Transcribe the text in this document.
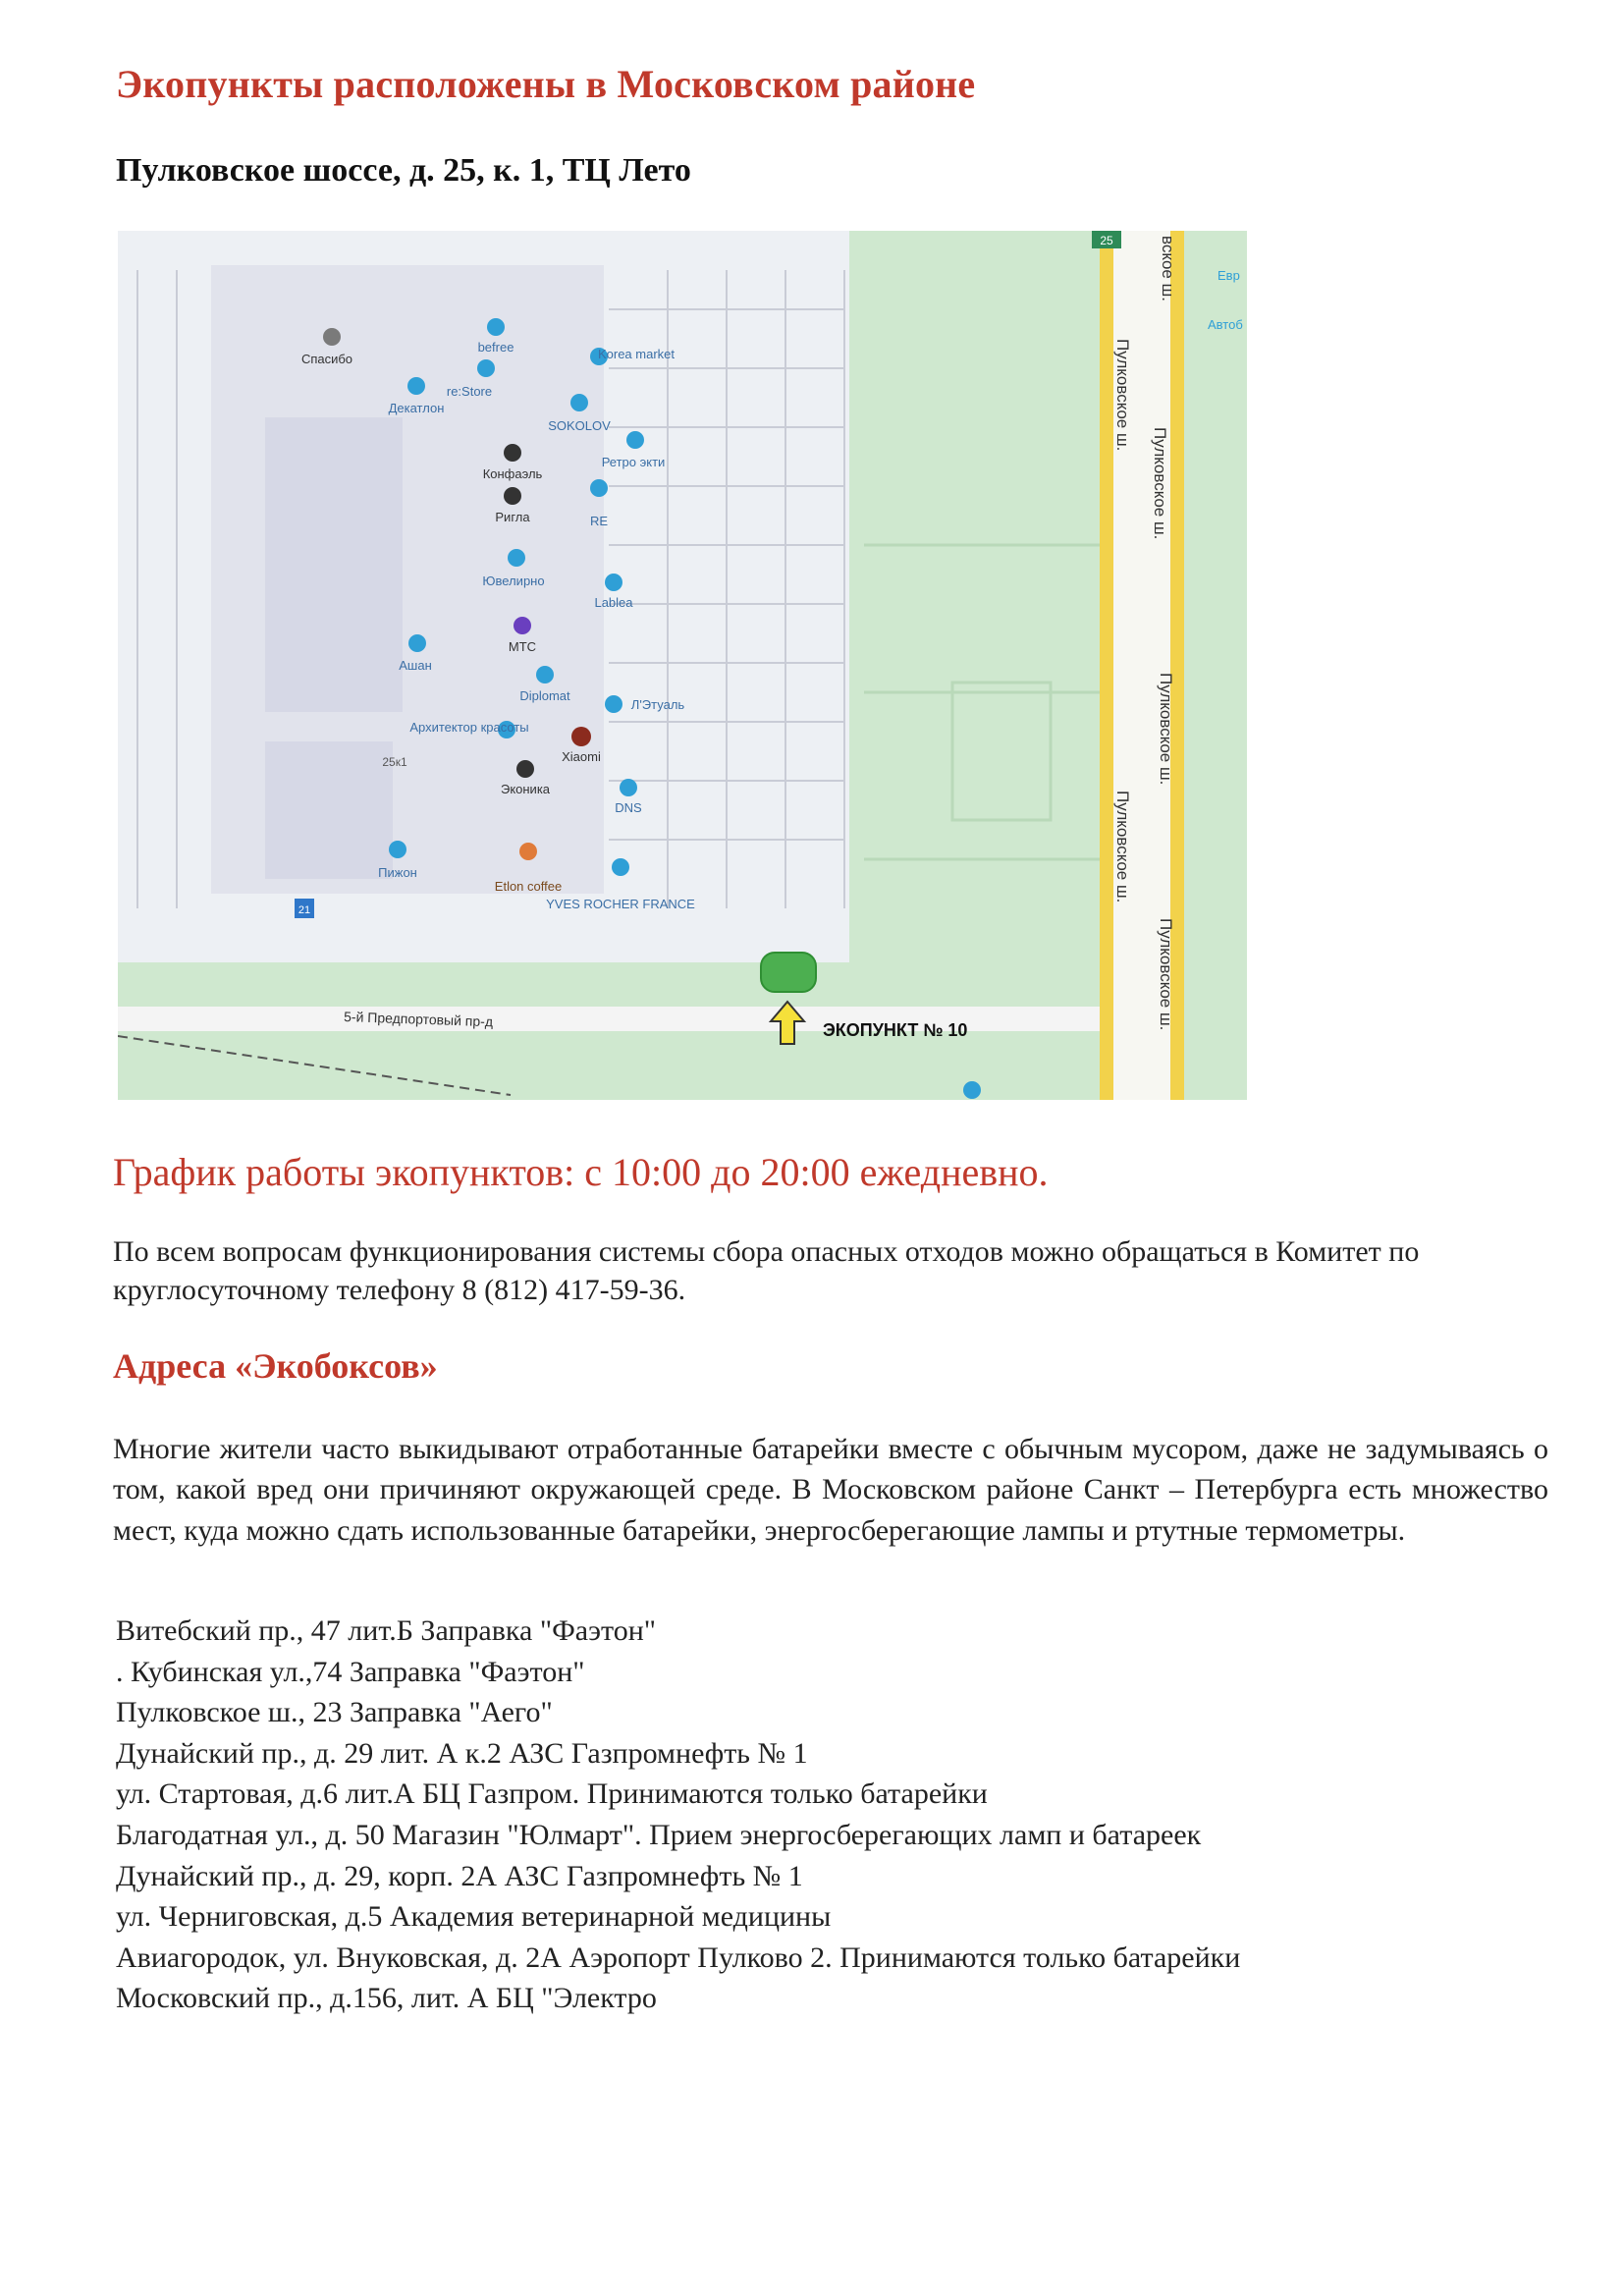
Экопункты расположены в Московском районе
Пулковское шоссе, д. 25, к. 1, ТЦ Лето
Пулковское ш.
Пулковское ш.
Пулковское ш.
Пулковское ш.
Пулковское ш.
вское ш.
25
Евр
Автоб
5-й Предпортовый пр-д
21
Спасибо
befree
re:Store
Декатлон
Korea market
SOKOLOV
Ретро экти
Конфаэль
Ригла	RE
Ювелирно
Lablea
Ашан
МТС
Diplomat
Л'Этуаль
Архитектор красоты
Xiaomi
25к1
Эконика
DNS
Пижон
Etlon coffee
YVES ROCHER FRANCE
ЭКОПУНКТ № 10
График работы экопунктов: с 10:00 до 20:00 ежедневно.
По всем вопросам функционирования системы сбора опасных отходов можно обращаться в Комитет по круглосуточному телефону 8 (812) 417-59-36.
Адреса «Экобоксов»
Многие жители часто выкидывают отработанные батарейки вместе с обычным мусором, даже не задумываясь о том, какой вред они причиняют окружающей среде. В Московском районе Санкт – Петербурга есть множество мест, куда можно сдать использованные батарейки, энергосберегающие лампы и ртутные термометры.
Витебский пр., 47 лит.Б Заправка "Фаэтон"
. Кубинская ул.,74 Заправка "Фаэтон"
Пулковское ш., 23 Заправка "Аего"
Дунайский пр., д. 29 лит. А к.2 АЗС Газпромнефть № 1
ул. Стартовая, д.6 лит.А БЦ Газпром. Принимаются только батарейки
Благодатная ул., д. 50 Магазин "Юлмарт". Прием энергосберегающих ламп и батареек
Дунайский пр., д. 29, корп. 2А АЗС Газпромнефть № 1
ул. Черниговская, д.5 Академия ветеринарной медицины
Авиагородок, ул. Внуковская, д. 2А Аэропорт Пулково 2. Принимаются только батарейки
Московский пр., д.156, лит. А БЦ "Электро
